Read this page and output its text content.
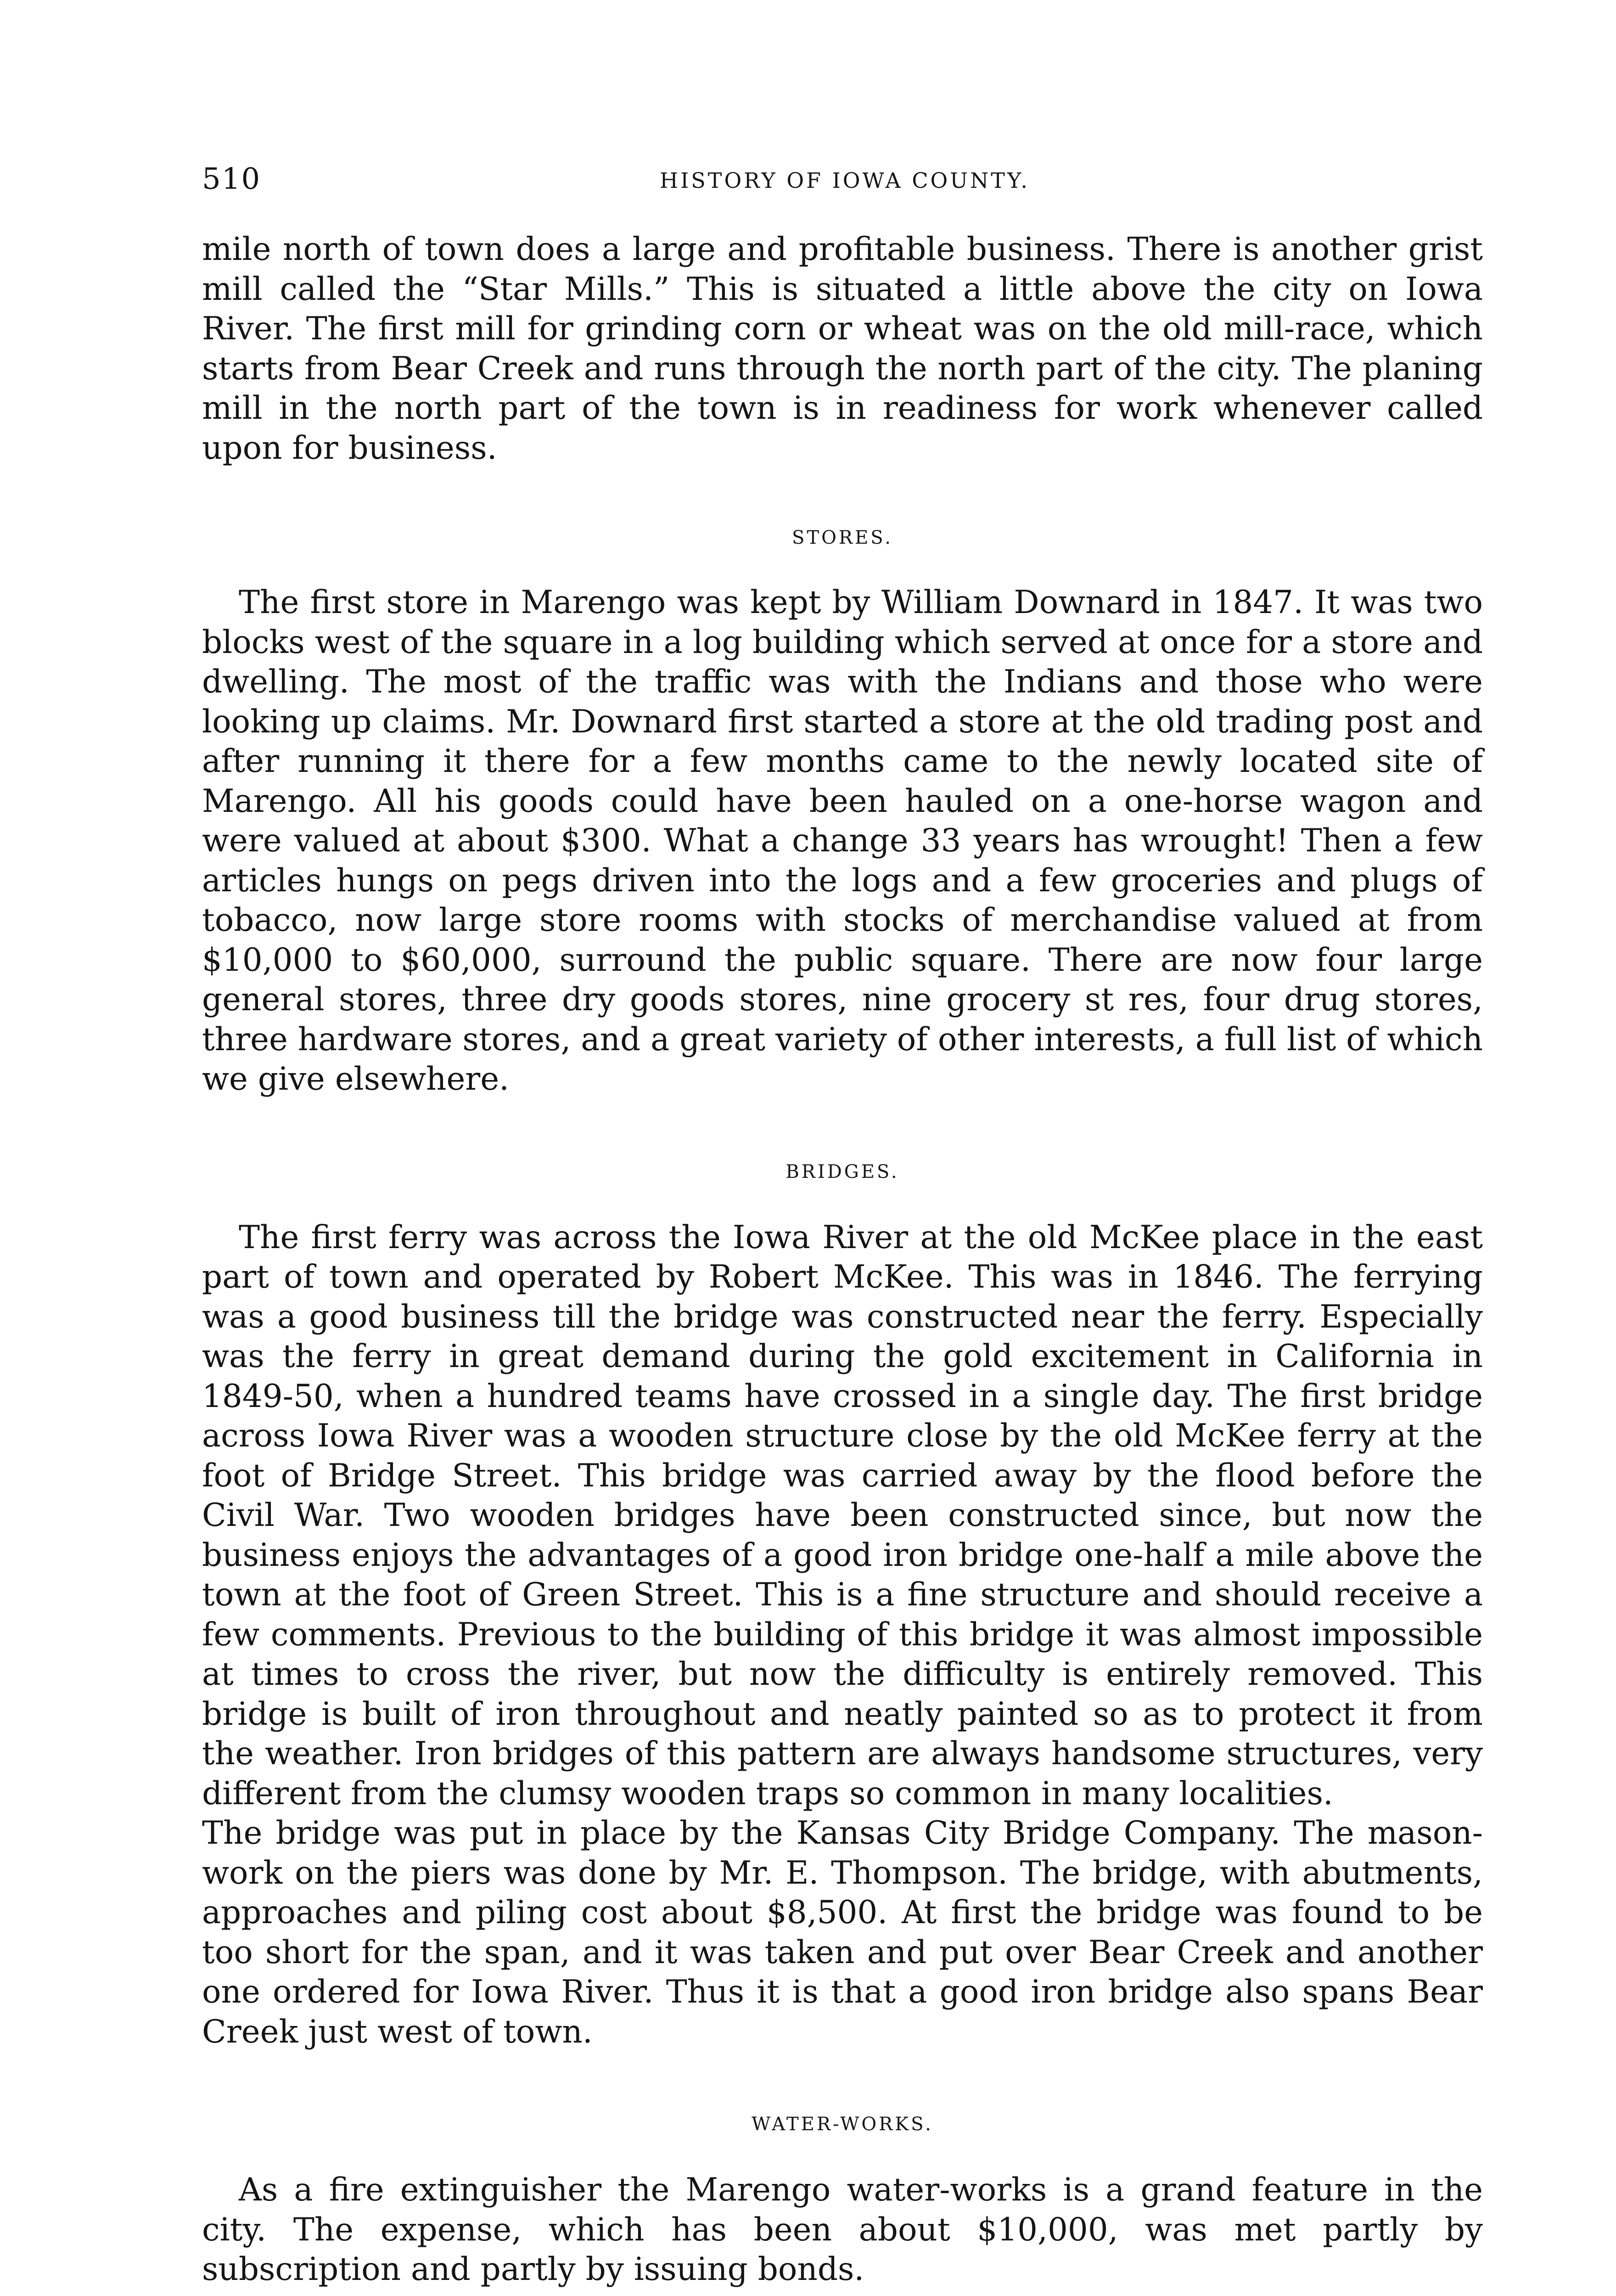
510	HISTORY OF IOWA COUNTY.

mile north of town does a large and profitable business. There is another grist mill called the “Star Mills.” This is situated a little above the city on Iowa River. The first mill for grinding corn or wheat was on the old mill-race, which starts from Bear Creek and runs through the north part of the city. The planing mill in the north part of the town is in readiness for work whenever called upon for business.

STORES.

The first store in Marengo was kept by William Downard in 1847. It was two blocks west of the square in a log building which served at once for a store and dwelling. The most of the traffic was with the Indians and those who were looking up claims. Mr. Downard first started a store at the old trading post and after running it there for a few months came to the newly located site of Marengo. All his goods could have been hauled on a one-horse wagon and were valued at about $300. What a change 33 years has wrought! Then a few articles hungs on pegs driven into the logs and a few groceries and plugs of tobacco, now large store rooms with stocks of merchandise valued at from $10,000 to $60,000, surround the public square. There are now four large general stores, three dry goods stores, nine grocery st res, four drug stores, three hardware stores, and a great variety of other interests, a full list of which we give elsewhere.

BRIDGES.

The first ferry was across the Iowa River at the old McKee place in the east part of town and operated by Robert McKee. This was in 1846. The ferrying was a good business till the bridge was constructed near the ferry. Especially was the ferry in great demand during the gold excitement in California in 1849-50, when a hundred teams have crossed in a single day. The first bridge across Iowa River was a wooden structure close by the old McKee ferry at the foot of Bridge Street. This bridge was carried away by the flood before the Civil War. Two wooden bridges have been constructed since, but now the business enjoys the advantages of a good iron bridge one-half a mile above the town at the foot of Green Street. This is a fine structure and should receive a few comments. Previous to the building of this bridge it was almost impossible at times to cross the river, but now the difficulty is entirely removed. This bridge is built of iron throughout and neatly painted so as to protect it from the weather. Iron bridges of this pattern are always handsome structures, very different from the clumsy wooden traps so common in many localities.

The bridge was put in place by the Kansas City Bridge Company. The mason-work on the piers was done by Mr. E. Thompson. The bridge, with abutments, approaches and piling cost about $8,500. At first the bridge was found to be too short for the span, and it was taken and put over Bear Creek and another one ordered for Iowa River. Thus it is that a good iron bridge also spans Bear Creek just west of town.

WATER-WORKS.

As a fire extinguisher the Marengo water-works is a grand feature in the city. The expense, which has been about $10,000, was met partly by subscription and partly by issuing bonds.
